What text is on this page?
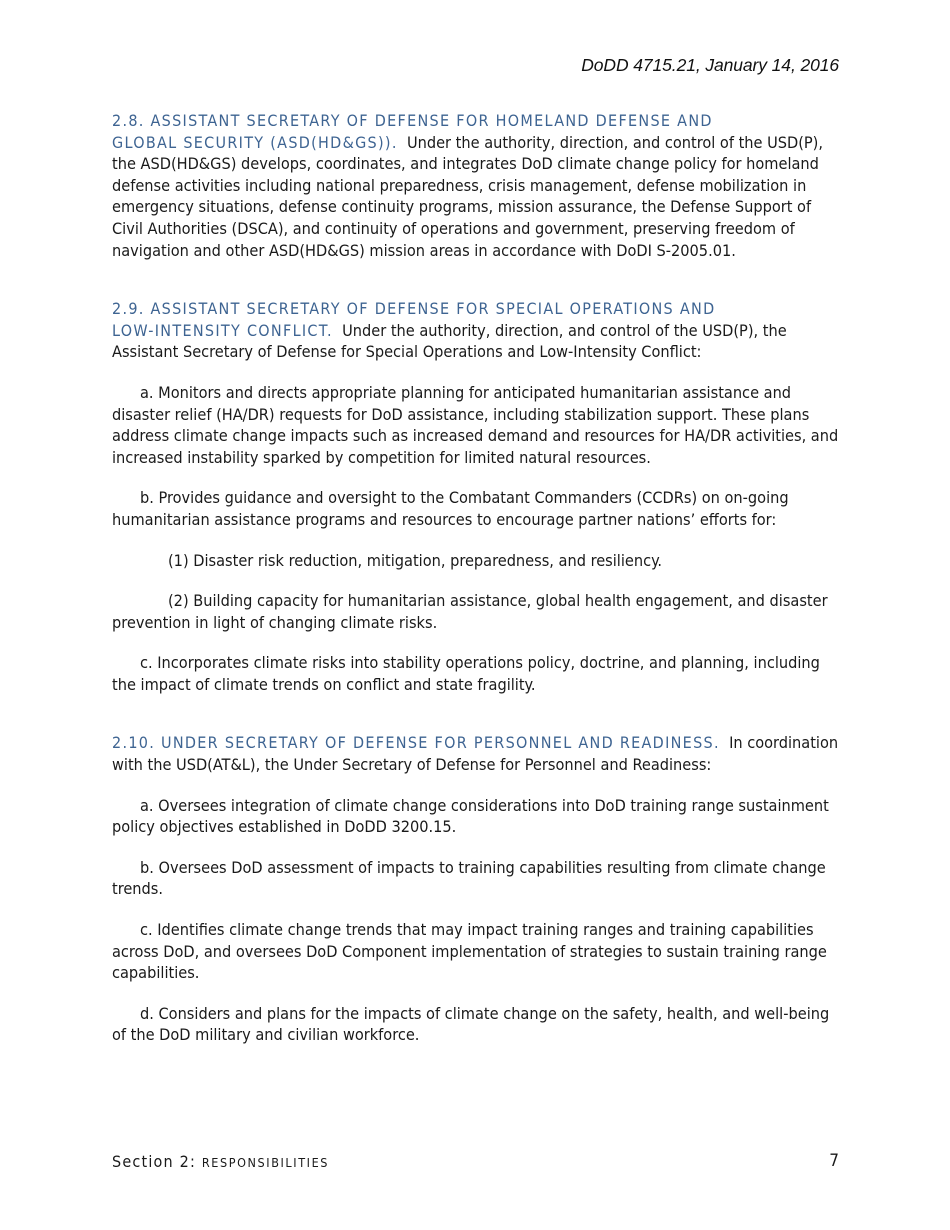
DoDD 4715.21, January 14, 2016

2.8. ASSISTANT SECRETARY OF DEFENSE FOR HOMELAND DEFENSE AND
GLOBAL SECURITY (ASD(HD&GS)). Under the authority, direction, and control of the USD(P), the ASD(HD&GS) develops, coordinates, and integrates DoD climate change policy for homeland defense activities including national preparedness, crisis management, defense mobilization in emergency situations, defense continuity programs, mission assurance, the Defense Support of Civil Authorities (DSCA), and continuity of operations and government, preserving freedom of navigation and other ASD(HD&GS) mission areas in accordance with DoDI S-2005.01.

2.9. ASSISTANT SECRETARY OF DEFENSE FOR SPECIAL OPERATIONS AND
LOW-INTENSITY CONFLICT. Under the authority, direction, and control of the USD(P), the Assistant Secretary of Defense for Special Operations and Low-Intensity Conflict:

a. Monitors and directs appropriate planning for anticipated humanitarian assistance and disaster relief (HA/DR) requests for DoD assistance, including stabilization support. These plans address climate change impacts such as increased demand and resources for HA/DR activities, and increased instability sparked by competition for limited natural resources.

b. Provides guidance and oversight to the Combatant Commanders (CCDRs) on on-going humanitarian assistance programs and resources to encourage partner nations’ efforts for:

(1) Disaster risk reduction, mitigation, preparedness, and resiliency.

(2) Building capacity for humanitarian assistance, global health engagement, and disaster prevention in light of changing climate risks.

c. Incorporates climate risks into stability operations policy, doctrine, and planning, including the impact of climate trends on conflict and state fragility.

2.10. UNDER SECRETARY OF DEFENSE FOR PERSONNEL AND READINESS. In coordination with the USD(AT&L), the Under Secretary of Defense for Personnel and Readiness:

a. Oversees integration of climate change considerations into DoD training range sustainment policy objectives established in DoDD 3200.15.

b. Oversees DoD assessment of impacts to training capabilities resulting from climate change trends.

c. Identifies climate change trends that may impact training ranges and training capabilities across DoD, and oversees DoD Component implementation of strategies to sustain training range capabilities.

d. Considers and plans for the impacts of climate change on the safety, health, and well-being of the DoD military and civilian workforce.

Section 2: RESPONSIBILITIES	7
